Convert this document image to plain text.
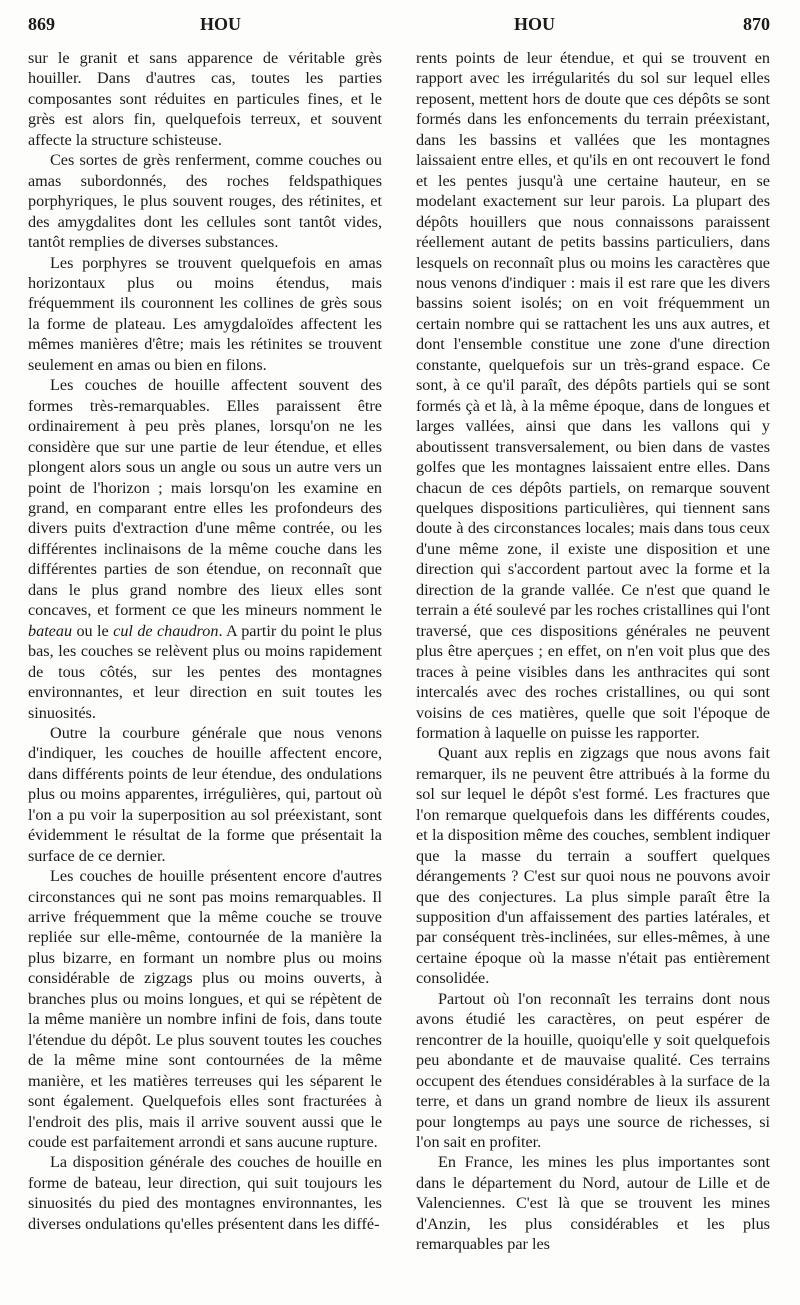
869	HOU	HOU	870

sur le granit et sans apparence de véritable grès houiller. Dans d'autres cas, toutes les parties composantes sont réduites en particules fines, et le grès est alors fin, quelquefois terreux, et souvent affecte la structure schisteuse.

Ces sortes de grès renferment, comme couches ou amas subordonnés, des roches feldspathiques porphyriques, le plus souvent rouges, des rétinites, et des amygdalites dont les cellules sont tantôt vides, tantôt remplies de diverses substances.

Les porphyres se trouvent quelquefois en amas horizontaux plus ou moins étendus, mais fréquemment ils couronnent les collines de grès sous la forme de plateau. Les amygdaloïdes affectent les mêmes manières d'être; mais les rétinites se trouvent seulement en amas ou bien en filons.

Les couches de houille affectent souvent des formes très-remarquables. Elles paraissent être ordinairement à peu près planes, lorsqu'on ne les considère que sur une partie de leur étendue, et elles plongent alors sous un angle ou sous un autre vers un point de l'horizon ; mais lorsqu'on les examine en grand, en comparant entre elles les profondeurs des divers puits d'extraction d'une même contrée, ou les différentes inclinaisons de la même couche dans les différentes parties de son étendue, on reconnaît que dans le plus grand nombre des lieux elles sont concaves, et forment ce que les mineurs nomment le bateau ou le cul de chaudron. A partir du point le plus bas, les couches se relèvent plus ou moins rapidement de tous côtés, sur les pentes des montagnes environnantes, et leur direction en suit toutes les sinuosités.

Outre la courbure générale que nous venons d'indiquer, les couches de houille affectent encore, dans différents points de leur étendue, des ondulations plus ou moins apparentes, irrégulières, qui, partout où l'on a pu voir la superposition au sol préexistant, sont évidemment le résultat de la forme que présentait la surface de ce dernier.

Les couches de houille présentent encore d'autres circonstances qui ne sont pas moins remarquables. Il arrive fréquemment que la même couche se trouve repliée sur elle-même, contournée de la manière la plus bizarre, en formant un nombre plus ou moins considérable de zigzags plus ou moins ouverts, à branches plus ou moins longues, et qui se répètent de la même manière un nombre infini de fois, dans toute l'étendue du dépôt. Le plus souvent toutes les couches de la même mine sont contournées de la même manière, et les matières terreuses qui les séparent le sont également. Quelquefois elles sont fracturées à l'endroit des plis, mais il arrive souvent aussi que le coude est parfaitement arrondi et sans aucune rupture.

La disposition générale des couches de houille en forme de bateau, leur direction, qui suit toujours les sinuosités du pied des montagnes environnantes, les diverses ondulations qu'elles présentent dans les diffé-

rents points de leur étendue, et qui se trouvent en rapport avec les irrégularités du sol sur lequel elles reposent, mettent hors de doute que ces dépôts se sont formés dans les enfoncements du terrain préexistant, dans les bassins et vallées que les montagnes laissaient entre elles, et qu'ils en ont recouvert le fond et les pentes jusqu'à une certaine hauteur, en se modelant exactement sur leur parois. La plupart des dépôts houillers que nous connaissons paraissent réellement autant de petits bassins particuliers, dans lesquels on reconnaît plus ou moins les caractères que nous venons d'indiquer : mais il est rare que les divers bassins soient isolés; on en voit fréquemment un certain nombre qui se rattachent les uns aux autres, et dont l'ensemble constitue une zone d'une direction constante, quelquefois sur un très-grand espace. Ce sont, à ce qu'il paraît, des dépôts partiels qui se sont formés çà et là, à la même époque, dans de longues et larges vallées, ainsi que dans les vallons qui y aboutissent transversalement, ou bien dans de vastes golfes que les montagnes laissaient entre elles. Dans chacun de ces dépôts partiels, on remarque souvent quelques dispositions particulières, qui tiennent sans doute à des circonstances locales; mais dans tous ceux d'une même zone, il existe une disposition et une direction qui s'accordent partout avec la forme et la direction de la grande vallée. Ce n'est que quand le terrain a été soulevé par les roches cristallines qui l'ont traversé, que ces dispositions générales ne peuvent plus être aperçues ; en effet, on n'en voit plus que des traces à peine visibles dans les anthracites qui sont intercalés avec des roches cristallines, ou qui sont voisins de ces matières, quelle que soit l'époque de formation à laquelle on puisse les rapporter.

Quant aux replis en zigzags que nous avons fait remarquer, ils ne peuvent être attribués à la forme du sol sur lequel le dépôt s'est formé. Les fractures que l'on remarque quelquefois dans les différents coudes, et la disposition même des couches, semblent indiquer que la masse du terrain a souffert quelques dérangements ? C'est sur quoi nous ne pouvons avoir que des conjectures. La plus simple paraît être la supposition d'un affaissement des parties latérales, et par conséquent très-inclinées, sur elles-mêmes, à une certaine époque où la masse n'était pas entièrement consolidée.

Partout où l'on reconnaît les terrains dont nous avons étudié les caractères, on peut espérer de rencontrer de la houille, quoiqu'elle y soit quelquefois peu abondante et de mauvaise qualité. Ces terrains occupent des étendues considérables à la surface de la terre, et dans un grand nombre de lieux ils assurent pour longtemps au pays une source de richesses, si l'on sait en profiter.

En France, les mines les plus importantes sont dans le département du Nord, autour de Lille et de Valenciennes. C'est là que se trouvent les mines d'Anzin, les plus considérables et les plus remarquables par les
